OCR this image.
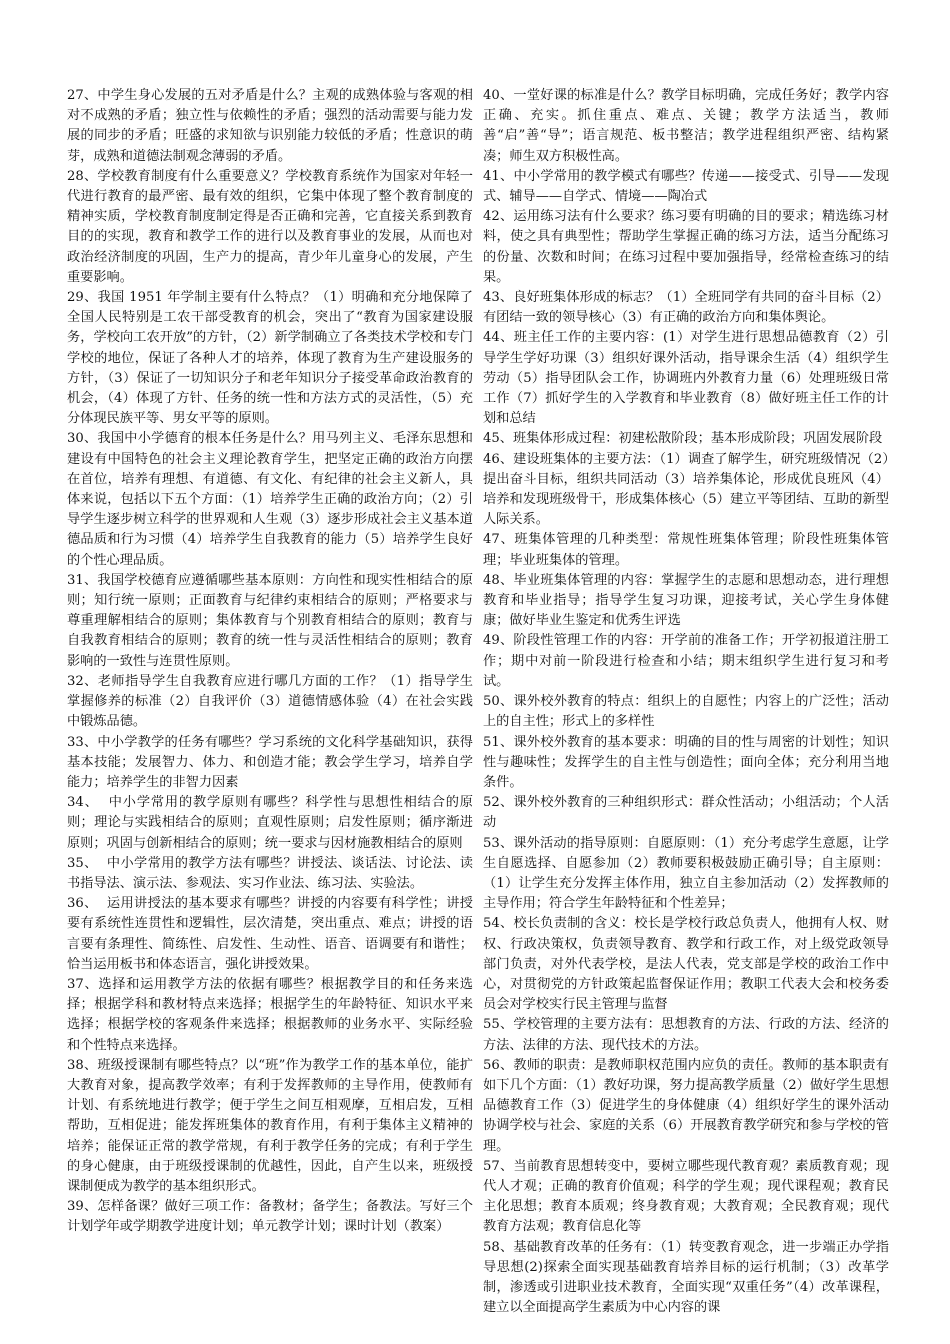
27、中学生身心发展的五对矛盾是什么？主观的成熟体验与客观的相对不成熟的矛盾；独立性与依赖性的矛盾；强烈的活动需要与能力发展的同步的矛盾；旺盛的求知欲与识别能力较低的矛盾；性意识的萌芽，成熟和道德法制观念薄弱的矛盾。

28、学校教育制度有什么重要意义？学校教育系统作为国家对年轻一代进行教育的最严密、最有效的组织，它集中体现了整个教育制度的精神实质，学校教育制度制定得是否正确和完善，它直接关系到教育目的的实现，教育和教学工作的进行以及教育事业的发展，从而也对政治经济制度的巩固，生产力的提高，青少年儿童身心的发展，产生重要影响。

29、我国 1951 年学制主要有什么特点？（1）明确和充分地保障了全国人民特别是工农干部受教育的机会，突出了“教育为国家建设服务，学校向工农开放”的方针，（2）新学制确立了各类技术学校和专门学校的地位，保证了各种人才的培养，体现了教育为生产建设服务的方针，（3）保证了一切知识分子和老年知识分子接受革命政治教育的机会，（4）体现了方针、任务的统一性和方法方式的灵活性，（5）充分体现民族平等、男女平等的原则。

30、我国中小学德育的根本任务是什么？用马列主义、毛泽东思想和建设有中国特色的社会主义理论教育学生，把坚定正确的政治方向摆在首位，培养有理想、有道德、有文化、有纪律的社会主义新人，具体来说，包括以下五个方面：（1）培养学生正确的政治方向；（2）引导学生逐步树立科学的世界观和人生观（3）逐步形成社会主义基本道德品质和行为习惯（4）培养学生自我教育的能力（5）培养学生良好的个性心理品质。

31、我国学校德育应遵循哪些基本原则：方向性和现实性相结合的原则；知行统一原则；正面教育与纪律约束相结合的原则；严格要求与尊重理解相结合的原则；集体教育与个别教育相结合的原则；教育与自我教育相结合的原则；教育的统一性与灵活性相结合的原则；教育影响的一致性与连贯性原则。

32、老师指导学生自我教育应进行哪几方面的工作？（1）指导学生掌握修养的标准（2）自我评价（3）道德情感体验（4）在社会实践中锻炼品德。

33、中小学教学的任务有哪些？学习系统的文化科学基础知识，获得基本技能；发展智力、体力、和创造才能；教会学生学习，培养自学能力；培养学生的非智力因素

34、  中小学常用的教学原则有哪些？科学性与思想性相结合的原则；理论与实践相结合的原则；直观性原则；启发性原则；循序渐进原则；巩固与创新相结合的原则；统一要求与因材施教相结合的原则

35、  中小学常用的教学方法有哪些？讲授法、谈话法、讨论法、读书指导法、演示法、参观法、实习作业法、练习法、实验法。

36、  运用讲授法的基本要求有哪些？讲授的内容要有科学性；讲授要有系统性连贯性和逻辑性，层次清楚，突出重点、难点；讲授的语言要有条理性、简练性、启发性、生动性、语音、语调要有和谐性；恰当运用板书和体态语言，强化讲授效果。

37、选择和运用教学方法的依据有哪些？根据教学目的和任务来选择；根据学科和教材特点来选择；根据学生的年龄特征、知识水平来选择；根据学校的客观条件来选择；根据教师的业务水平、实际经验和个性特点来选择。

38、班级授课制有哪些特点？以“班”作为教学工作的基本单位，能扩大教育对象，提高教学效率；有利于发挥教师的主导作用，使教师有计划、有系统地进行教学；便于学生之间互相观摩，互相启发，互相帮助，互相促进；能发挥班集体的教育作用，有利于集体主义精神的培养；能保证正常的教学常规，有利于教学任务的完成；有利于学生的身心健康，由于班级授课制的优越性，因此，自产生以来，班级授课制便成为教学的基本组织形式。

39、怎样备课？做好三项工作：备教材；备学生；备教法。写好三个计划学年或学期教学进度计划；单元教学计划；课时计划（教案）

40、一堂好课的标准是什么？教学目标明确，完成任务好；教学内容正确、充实。抓住重点、难点、关键；教学方法适当，教师善“启”善“导”；语言规范、板书整洁；教学进程组织严密、结构紧凑；师生双方积极性高。

41、中小学常用的教学模式有哪些？传递——接受式、引导——发现式、辅导——自学式、情境——陶冶式

42、运用练习法有什么要求？练习要有明确的目的要求；精选练习材料，使之具有典型性；帮助学生掌握正确的练习方法，适当分配练习的份量、次数和时间；在练习过程中要加强指导，经常检查练习的结果。

43、良好班集体形成的标志？（1）全班同学有共同的奋斗目标（2）有团结一致的领导核心（3）有正确的政治方向和集体舆论。

44、班主任工作的主要内容：(1）对学生进行思想品德教育（2）引导学生学好功课（3）组织好课外活动，指导课余生活（4）组织学生劳动（5）指导团队会工作，协调班内外教育力量（6）处理班级日常工作（7）抓好学生的入学教育和毕业教育（8）做好班主任工作的计划和总结

45、班集体形成过程：初建松散阶段；基本形成阶段；巩固发展阶段

46、建设班集体的主要方法：（1）调查了解学生，研究班级情况（2）提出奋斗目标，组织共同活动（3）培养集体论，形成优良班风（4）培养和发现班级骨干，形成集体核心（5）建立平等团结、互助的新型人际关系。

47、班集体管理的几种类型：常规性班集体管理；阶段性班集体管理；毕业班集体的管理。

48、毕业班集体管理的内容：掌握学生的志愿和思想动态，进行理想教育和毕业指导；指导学生复习功课，迎接考试，关心学生身体健康；做好毕业生鉴定和优秀生评选

49、阶段性管理工作的内容：开学前的准备工作；开学初报道注册工作；期中对前一阶段进行检查和小结；期末组织学生进行复习和考试。

50、课外校外教育的特点：组织上的自愿性；内容上的广泛性；活动上的自主性；形式上的多样性

51、课外校外教育的基本要求：明确的目的性与周密的计划性；知识性与趣味性；发挥学生的自主性与创造性；面向全体；充分利用当地条件。

52、课外校外教育的三种组织形式：群众性活动；小组活动；个人活动

53、课外活动的指导原则：自愿原则：（1）充分考虑学生意愿，让学生自愿选择、自愿参加（2）教师要积极鼓励正确引导；自主原则：（1）让学生充分发挥主体作用，独立自主参加活动（2）发挥教师的主导作用；符合学生年龄特征和个性差异；

54、校长负责制的含义：校长是学校行政总负责人，他拥有人权、财权、行政决策权，负责领导教育、教学和行政工作，对上级党政领导部门负责，对外代表学校，是法人代表，党支部是学校的政治工作中心，对贯彻党的方针政策起监督保证作用；教职工代表大会和校务委员会对学校实行民主管理与监督

55、学校管理的主要方法有：思想教育的方法、行政的方法、经济的方法、法律的方法、现代技术的方法。

56、教师的职责：是教师职权范围内应负的责任。教师的基本职责有如下几个方面：（1）教好功课，努力提高教学质量（2）做好学生思想品德教育工作（3）促进学生的身体健康（4）组织好学生的课外活动协调学校与社会、家庭的关系（6）开展教育教学研究和参与学校的管理。

57、当前教育思想转变中，要树立哪些现代教育观？素质教育观；现代人才观；正确的教育价值观；科学的学生观；现代课程观；教育民主化思想；教育本质观；终身教育观；大教育观；全民教育观；现代教育方法观；教育信息化等

58、基础教育改革的任务有：（1）转变教育观念，进一步端正办学指导思想(2)探索全面实现基础教育培养目标的运行机制；（3）改革学制，渗透或引进职业技术教育，全面实现“双重任务”（4）改革课程，建立以全面提高学生素质为中心内容的课
